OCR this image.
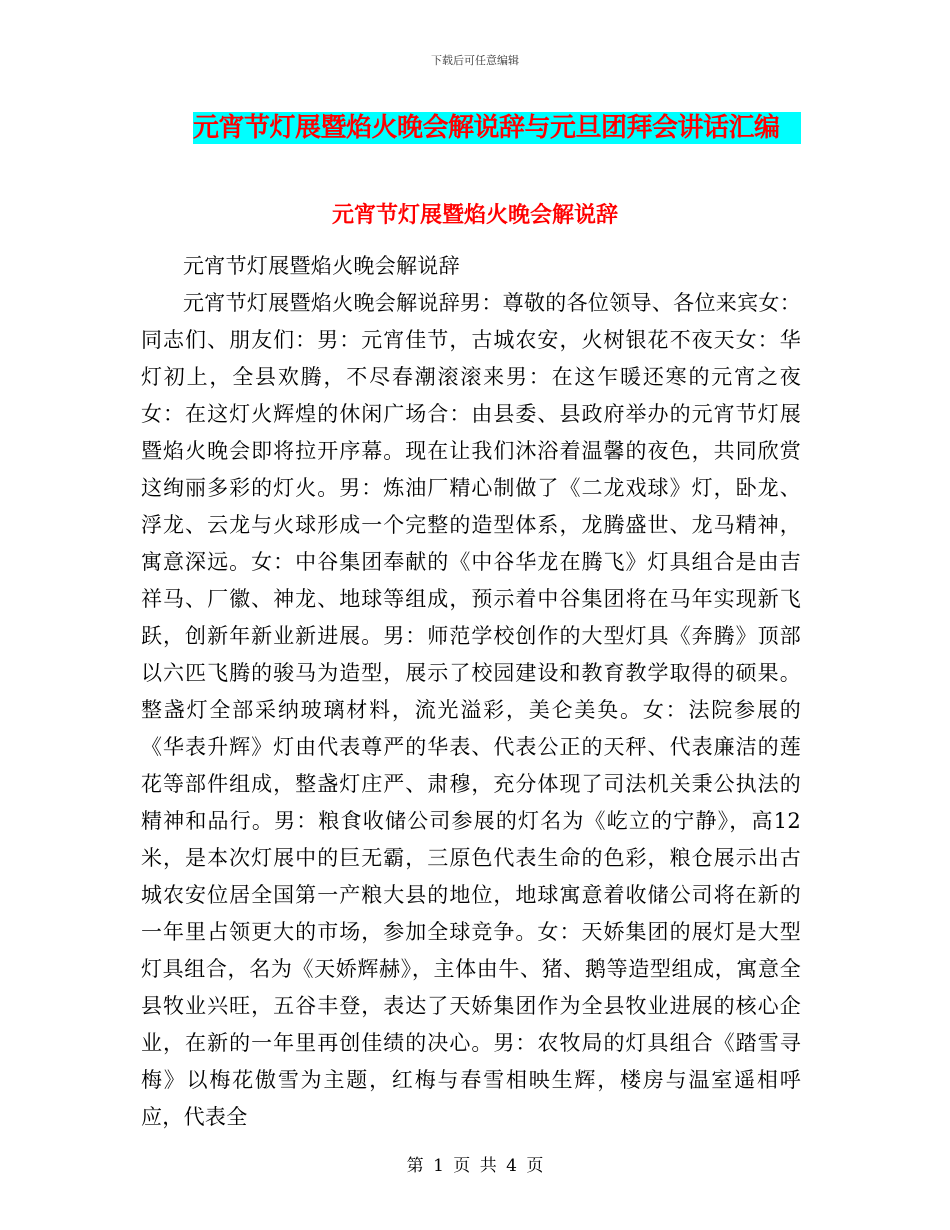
下载后可任意编辑
元宵节灯展暨焰火晚会解说辞与元旦团拜会讲话汇编
元宵节灯展暨焰火晚会解说辞

元宵节灯展暨焰火晚会解说辞

元宵节灯展暨焰火晚会解说辞男：尊敬的各位领导、各位来宾女：同志们、朋友们：男：元宵佳节，古城农安，火树银花不夜天女：华灯初上，全县欢腾，不尽春潮滚滚来男：在这乍暖还寒的元宵之夜女：在这灯火辉煌的休闲广场合：由县委、县政府举办的元宵节灯展暨焰火晚会即将拉开序幕。现在让我们沐浴着温馨的夜色，共同欣赏这绚丽多彩的灯火。男：炼油厂精心制做了《二龙戏球》灯，卧龙、浮龙、云龙与火球形成一个完整的造型体系，龙腾盛世、龙马精神，寓意深远。女：中谷集团奉献的《中谷华龙在腾飞》灯具组合是由吉祥马、厂徽、神龙、地球等组成，预示着中谷集团将在马年实现新飞跃，创新年新业新进展。男：师范学校创作的大型灯具《奔腾》顶部以六匹飞腾的骏马为造型，展示了校园建设和教育教学取得的硕果。整盏灯全部采纳玻璃材料，流光溢彩，美仑美奂。女：法院参展的《华表升辉》灯由代表尊严的华表、代表公正的天秤、代表廉洁的莲花等部件组成，整盏灯庄严、肃穆，充分体现了司法机关秉公执法的精神和品行。男：粮食收储公司参展的灯名为《屹立的宁静》，高12米，是本次灯展中的巨无霸，三原色代表生命的色彩，粮仓展示出古城农安位居全国第一产粮大县的地位，地球寓意着收储公司将在新的一年里占领更大的市场，参加全球竞争。女：天娇集团的展灯是大型灯具组合，名为《天娇辉赫》，主体由牛、猪、鹅等造型组成，寓意全县牧业兴旺，五谷丰登，表达了天娇集团作为全县牧业进展的核心企业，在新的一年里再创佳绩的决心。男：农牧局的灯具组合《踏雪寻梅》以梅花傲雪为主题，红梅与春雪相映生辉，楼房与温室遥相呼应，代表全

第 1 页 共 4 页
